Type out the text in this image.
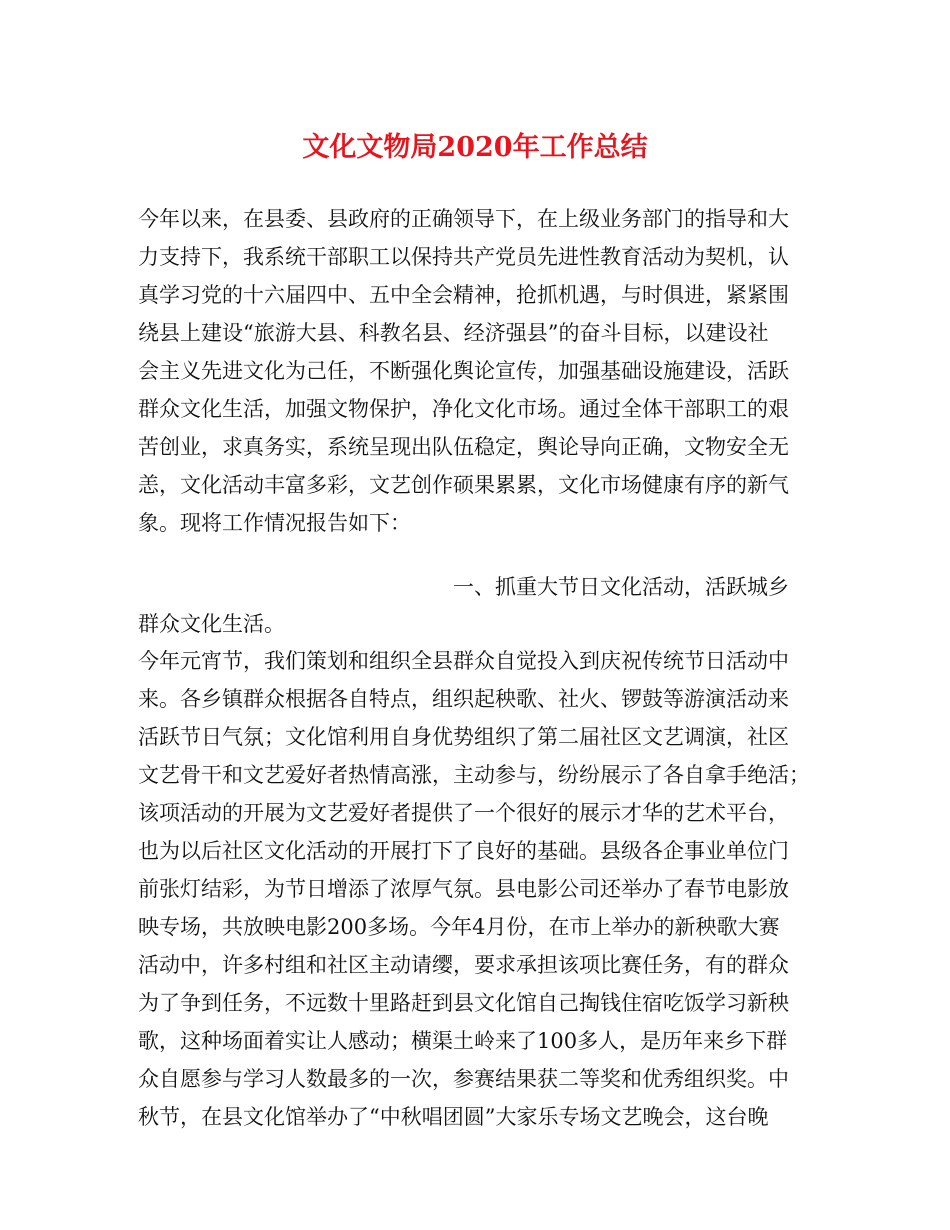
文化文物局2020年工作总结
今年以来，在县委、县政府的正确领导下，在上级业务部门的指导和大
力支持下，我系统干部职工以保持共产党员先进性教育活动为契机，认
真学习党的十六届四中、五中全会精神，抢抓机遇，与时俱进，紧紧围
绕县上建设“旅游大县、科教名县、经济强县”的奋斗目标，以建设社
会主义先进文化为己任，不断强化舆论宣传，加强基础设施建设，活跃
群众文化生活，加强文物保护，净化文化市场。通过全体干部职工的艰
苦创业，求真务实，系统呈现出队伍稳定，舆论导向正确，文物安全无
恙，文化活动丰富多彩，文艺创作硕果累累，文化市场健康有序的新气
象。现将工作情况报告如下：
一、抓重大节日文化活动，活跃城乡
群众文化生活。
今年元宵节，我们策划和组织全县群众自觉投入到庆祝传统节日活动中
来。各乡镇群众根据各自特点，组织起秧歌、社火、锣鼓等游演活动来
活跃节日气氛；文化馆利用自身优势组织了第二届社区文艺调演，社区
文艺骨干和文艺爱好者热情高涨，主动参与，纷纷展示了各自拿手绝活；
该项活动的开展为文艺爱好者提供了一个很好的展示才华的艺术平台，
也为以后社区文化活动的开展打下了良好的基础。县级各企事业单位门
前张灯结彩，为节日增添了浓厚气氛。县电影公司还举办了春节电影放
映专场，共放映电影200多场。今年4月份，在市上举办的新秧歌大赛
活动中，许多村组和社区主动请缨，要求承担该项比赛任务，有的群众
为了争到任务，不远数十里路赶到县文化馆自己掏钱住宿吃饭学习新秧
歌，这种场面着实让人感动；横渠土岭来了100多人，是历年来乡下群
众自愿参与学习人数最多的一次，参赛结果获二等奖和优秀组织奖。中
秋节，在县文化馆举办了“中秋唱团圆”大家乐专场文艺晚会，这台晚
